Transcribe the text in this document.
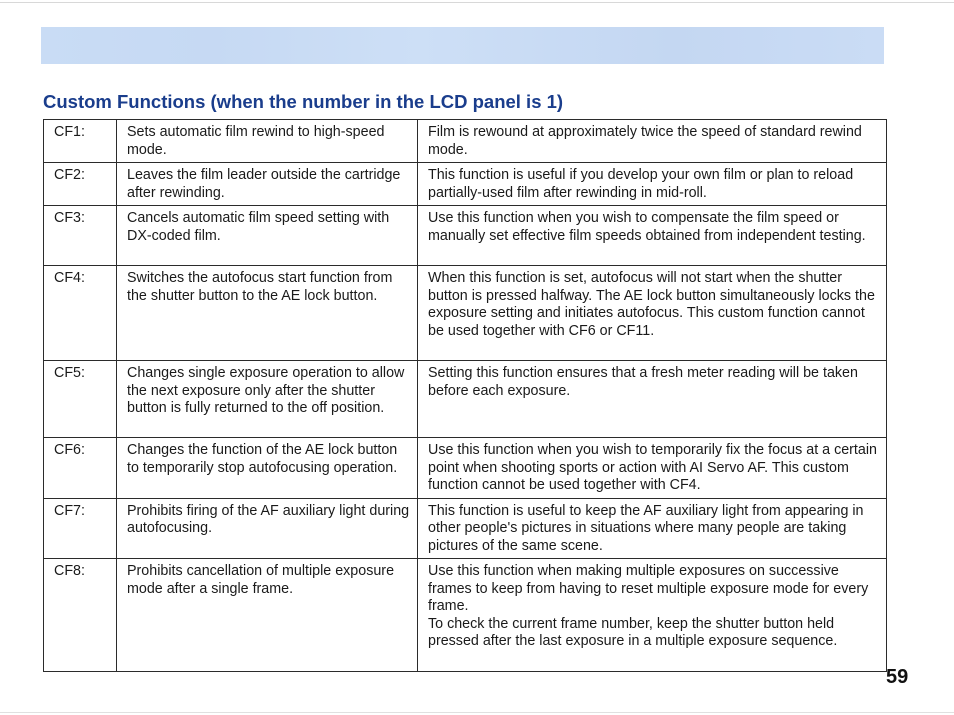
Custom Functions (when the number in the LCD panel is 1)
CF1:	Sets automatic film rewind to high-speed mode.	Film is rewound at approximately twice the speed of standard rewind mode.

CF2:	Leaves the film leader outside the cartridge after rewinding.	This function is useful if you develop your own film or plan to reload partially-used film after rewinding in mid-roll.

CF3:	Cancels automatic film speed setting with DX-coded film.	Use this function when you wish to compensate the film speed or manually set effective film speeds obtained from independent testing.

CF4:	Switches the autofocus start function from the shutter button to the AE lock button.	When this function is set, autofocus will not start when the shutter button is pressed halfway. The AE lock button simultaneously locks the exposure setting and initiates autofocus. This custom function cannot be used together with CF6 or CF11.

CF5:	Changes single exposure operation to allow the next exposure only after the shutter button is fully returned to the off position.	Setting this function ensures that a fresh meter reading will be taken before each exposure.

CF6:	Changes the function of the AE lock button to temporarily stop autofocusing operation.	Use this function when you wish to temporarily fix the focus at a certain point when shooting sports or action with AI Servo AF. This custom function cannot be used together with CF4.

CF7:	Prohibits firing of the AF auxiliary light during autofocusing.	This function is useful to keep the AF auxiliary light from appearing in other people's pictures in situations where many people are taking pictures of the same scene.

CF8:	Prohibits cancellation of multiple exposure mode after a single frame.	Use this function when making multiple exposures on successive frames to keep from having to reset multiple exposure mode for every frame.
To check the current frame number, keep the shutter button held pressed after the last exposure in a multiple exposure sequence.
59
